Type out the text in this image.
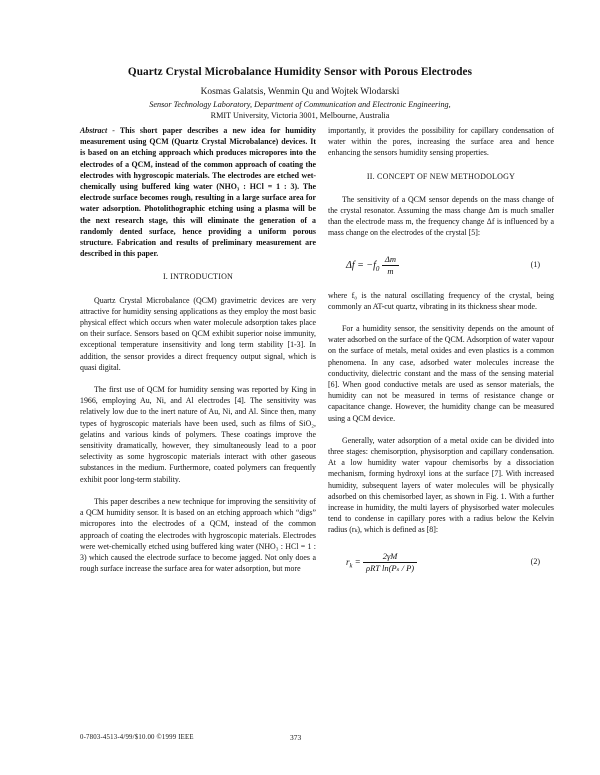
Quartz Crystal Microbalance Humidity Sensor with Porous Electrodes
Kosmas Galatsis, Wenmin Qu and Wojtek Wlodarski
Sensor Technology Laboratory, Department of Communication and Electronic Engineering,
RMIT University, Victoria 3001, Melbourne, Australia

Abstract - This short paper describes a new idea for humidity measurement using QCM (Quartz Crystal Microbalance) devices. It is based on an etching approach which produces micropores into the electrodes of a QCM, instead of the common approach of coating the electrodes with hygroscopic materials. The electrodes are etched wet-chemically using buffered king water (NHO₃ : HCl = 1 : 3). The electrode surface becomes rough, resulting in a large surface area for water adsorption. Photolithographic etching using a plasma will be the next research stage, this will eliminate the generation of a randomly dented surface, hence providing a uniform porous structure. Fabrication and results of preliminary measurement are described in this paper.

I. INTRODUCTION

Quartz Crystal Microbalance (QCM) gravimetric devices are very attractive for humidity sensing applications as they employ the most basic physical effect which occurs when water molecule adsorption takes place on their surface. Sensors based on QCM exhibit superior noise immunity, exceptional temperature insensitivity and long term stability [1-3]. In addition, the sensor provides a direct frequency output signal, which is quasi digital.

The first use of QCM for humidity sensing was reported by King in 1966, employing Au, Ni, and Al electrodes [4]. The sensitivity was relatively low due to the inert nature of Au, Ni, and Al. Since then, many types of hygroscopic materials have been used, such as films of SiO₂, gelatins and various kinds of polymers. These coatings improve the sensitivity dramatically, however, they simultaneously lead to a poor selectivity as some hygroscopic materials interact with other gaseous substances in the medium. Furthermore, coated polymers can frequently exhibit poor long-term stability.

This paper describes a new technique for improving the sensitivity of a QCM humidity sensor. It is based on an etching approach which “digs” micropores into the electrodes of a QCM, instead of the common approach of coating the electrodes with hygroscopic materials. Electrodes were wet-chemically etched using buffered king water (NHO₃ : HCl = 1 : 3) which caused the electrode surface to become jagged. Not only does a rough surface increase the surface area for water adsorption, but more

importantly, it provides the possibility for capillary condensation of water within the pores, increasing the surface area and hence enhancing the sensors humidity sensing properties.

II. CONCEPT OF NEW METHODOLOGY

The sensitivity of a QCM sensor depends on the mass change of the crystal resonator. Assuming the mass change Δm is much smaller than the electrode mass m, the frequency change Δf is influenced by a mass change on the electrodes of the crystal [5]:

$\Delta f = -f_0 \frac{\Delta m}{m}$	(1)

where f₀ is the natural oscillating frequency of the crystal, being commonly an AT-cut quartz, vibrating in its thickness shear mode.

For a humidity sensor, the sensitivity depends on the amount of water adsorbed on the surface of the QCM. Adsorption of water vapour on the surface of metals, metal oxides and even plastics is a common phenomena. In any case, adsorbed water molecules increase the conductivity, dielectric constant and the mass of the sensing material [6]. When good conductive metals are used as sensor materials, the humidity can not be measured in terms of resistance change or capacitance change. However, the humidity change can be measured using a QCM device.

Generally, water adsorption of a metal oxide can be divided into three stages: chemisorption, physisorption and capillary condensation. At a low humidity water vapour chemisorbs by a dissociation mechanism, forming hydroxyl ions at the surface [7]. With increased humidity, subsequent layers of water molecules will be physically adsorbed on this chemisorbed layer, as shown in Fig. 1. With a further increase in humidity, the multi layers of physisorbed water molecules tend to condense in capillary pores with a radius below the Kelvin radius (rₖ), which is defined as [8]:

$r_k = \frac{2\gamma M}{\text{ρRT ln(Pₛ / P)}}$	(2)
0-7803-4513-4/99/$10.00 ©1999 IEEE	373
